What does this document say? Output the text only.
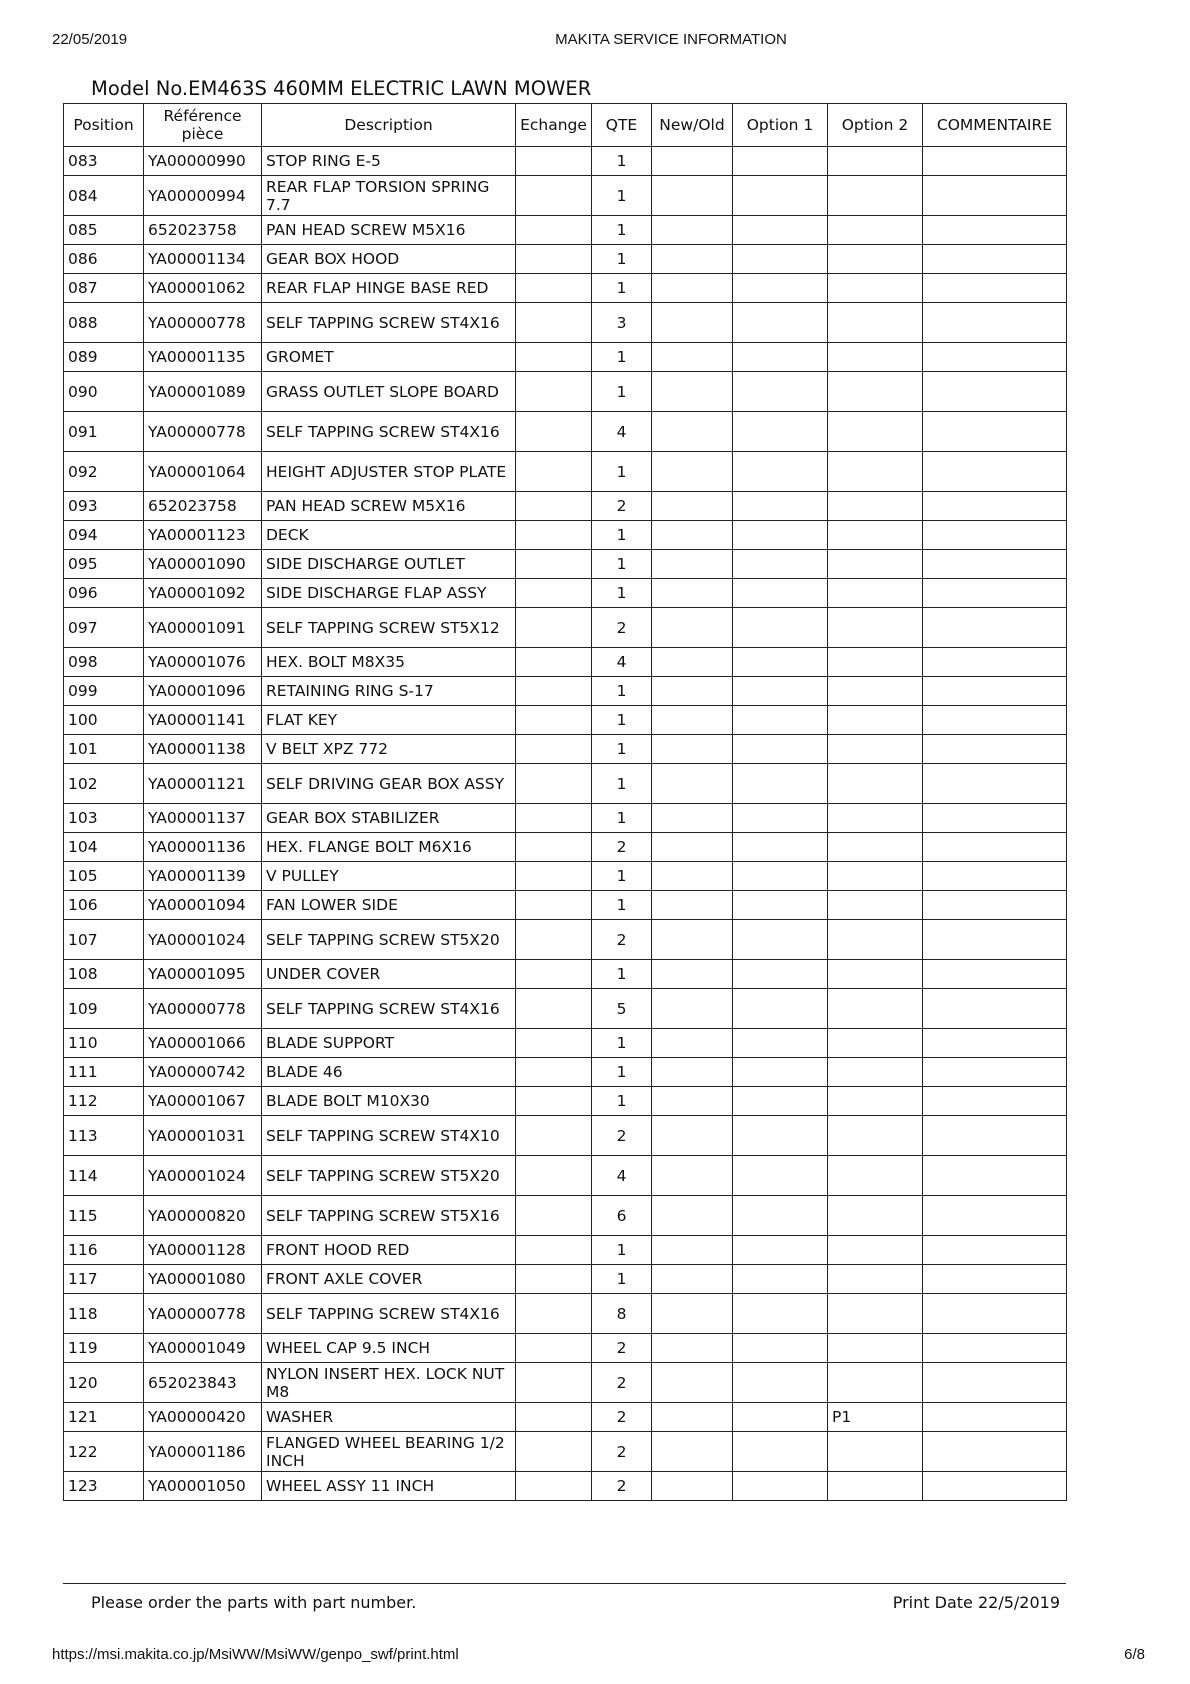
22/05/2019	MAKITA SERVICE INFORMATION
Model No.EM463S 460MM ELECTRIC LAWN MOWER
Position	Référence pièce	Description	Echange	QTE	New/Old	Option 1	Option 2	COMMENTAIRE
083	YA00000990	STOP RING E-5		1				
084	YA00000994	REAR FLAP TORSION SPRING 7.7		1				
085	652023758	PAN HEAD SCREW M5X16		1				
086	YA00001134	GEAR BOX HOOD		1				
087	YA00001062	REAR FLAP HINGE BASE RED		1				
088	YA00000778	SELF TAPPING SCREW ST4X16		3				
089	YA00001135	GROMET		1				
090	YA00001089	GRASS OUTLET SLOPE BOARD		1				
091	YA00000778	SELF TAPPING SCREW ST4X16		4				
092	YA00001064	HEIGHT ADJUSTER STOP PLATE		1				
093	652023758	PAN HEAD SCREW M5X16		2				
094	YA00001123	DECK		1				
095	YA00001090	SIDE DISCHARGE OUTLET		1				
096	YA00001092	SIDE DISCHARGE FLAP ASSY		1				
097	YA00001091	SELF TAPPING SCREW ST5X12		2				
098	YA00001076	HEX. BOLT M8X35		4				
099	YA00001096	RETAINING RING S-17		1				
100	YA00001141	FLAT KEY		1				
101	YA00001138	V BELT XPZ 772		1				
102	YA00001121	SELF DRIVING GEAR BOX ASSY		1				
103	YA00001137	GEAR BOX STABILIZER		1				
104	YA00001136	HEX. FLANGE BOLT M6X16		2				
105	YA00001139	V PULLEY		1				
106	YA00001094	FAN LOWER SIDE		1				
107	YA00001024	SELF TAPPING SCREW ST5X20		2				
108	YA00001095	UNDER COVER		1				
109	YA00000778	SELF TAPPING SCREW ST4X16		5				
110	YA00001066	BLADE SUPPORT		1				
111	YA00000742	BLADE 46		1				
112	YA00001067	BLADE BOLT M10X30		1				
113	YA00001031	SELF TAPPING SCREW ST4X10		2				
114	YA00001024	SELF TAPPING SCREW ST5X20		4				
115	YA00000820	SELF TAPPING SCREW ST5X16		6				
116	YA00001128	FRONT HOOD RED		1				
117	YA00001080	FRONT AXLE COVER		1				
118	YA00000778	SELF TAPPING SCREW ST4X16		8				
119	YA00001049	WHEEL CAP 9.5 INCH		2				
120	652023843	NYLON INSERT HEX. LOCK NUT M8		2				
121	YA00000420	WASHER		2			P1	
122	YA00001186	FLANGED WHEEL BEARING 1/2 INCH		2				
123	YA00001050	WHEEL ASSY 11 INCH		2				
Please order the parts with part number.	Print Date 22/5/2019
https://msi.makita.co.jp/MsiWW/MsiWW/genpo_swf/print.html	6/8
